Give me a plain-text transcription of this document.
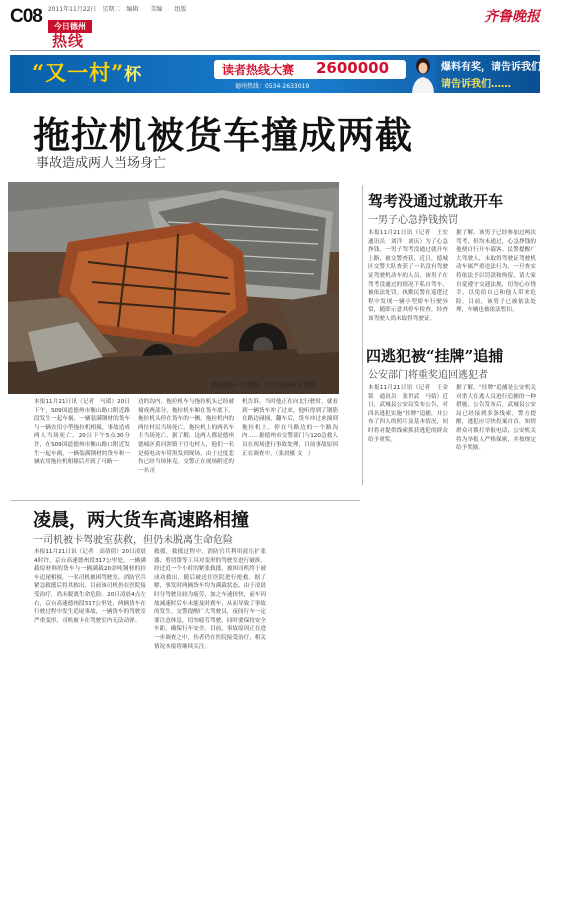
C08 2011年11月22日　星期二　编辑　　美编　　组版
今日德州
热线
齐鲁晚报
“又一村”杯	读者热线大赛 2600000
德州热线：0534-2633019　
爆料有奖，请告诉我们……
请告诉我们……
拖拉机被货车撞成两截
事故造成两人当场身亡
事故现场一片狼藉。（齐民供本报记者摄）
本报11月21日讯（记者　马瑗）20日下午，S09国道德州市衡山路口附近路段发生一起车祸，一辆装满钢材的货车与一辆农用小型拖拉机相撞，事故造成两人当场死亡。20日下午5点30分许，在S09国道德州市衡山路口附近发生一起车祸，一辆装满钢材的货车和一辆农用拖拉机相撞后开到了马路一
边的沟内，拖拉机车与拖拉机头已经被撞成两部分，拖拉机车厢在货车底下，拖拉机头停在货车的一侧，拖拉机内的两位村民当场死亡。拖拉机上的两名车主当场死亡，据了解，这两人都是德州德城区黄河涯镇于官屯村人，他们一名是骑电动车带黑发到现场，由于过度悲伤已经当场休克。交警正在现场附近的一名司
机告诉，当时他正在向北行驶时，就看到一辆货车冲了过来，他听得到了钢筋在路边碰撞，翻车后，货车冲过来撞到拖拉机上，停在马路边的一个路沟内……据德州市交警部门与120急救人员在现场进行事故处理，目前事故原因正在调查中。（张晨摄 文　）
驾考没通过就敢开车
一男子心急挣钱挨罚
本报11月21日讯（记者　王宏　通讯员　刘洋　刘庆）为了心急挣钱，一男子驾考没通过就开车上路，被交警查获。近日，德城区交警大队查获了一名没有驾驶证驾驶机动车的人员，该男子在驾考没通过的情况下私自驾车，被依法处罚。执勤民警在巡逻过程中发现一辆小型轿车行驶异常，随即示意其停车检查，经查该驾驶人尚未取得驾驶证。
据了解，该男子已经参加过两次驾考，但均未通过，心急挣钱的他便自行开车载客。民警提醒广大驾驶人，未取得驾驶证驾驶机动车属严重违法行为，一旦查实将依法予以罚款和拘留，请大家自觉遵守交通法规，切勿心存侥幸，以免给自己和他人带来危险。目前，该男子已被依法处理，车辆也被依法暂扣。
四逃犯被“挂牌”追捕
公安部门将重奖追回逃犯者
本报11月21日讯（记者　王金铭　通讯员　张世武　马婧）近日，武城县公安局发布公告，对四名逃犯实施“挂牌”追捕，并公布了四人的照片及基本情况，同时将对提供线索抓获逃犯的群众给予重奖。
据了解，“挂牌”追捕是公安机关对重大在逃人员进行追捕的一种措施，公告发布后，武城县公安局已经接到多条线索。警方提醒，逃犯应尽快投案自首，知情群众可拨打举报电话，公安机关将为举报人严格保密，并按规定给予奖励。
凌晨，两大货车高速路相撞
一司机被卡驾驶室获救，但仍未脱离生命危险
本报11月21日讯（记者　高倩倩）20日凌晨4时许，京台高速德州段317公里处，一辆满载原材料的货车与一辆满载20余吨钢材的挂车追尾相撞，一名司机被困驾驶室，消防官兵紧急救援后将其救出，目前该司机仍在医院接受治疗，尚未脱离生命危险。20日凌晨4点左右，京台高速德州段317公里处，两辆货车在行驶过程中发生追尾事故，一辆货车的驾驶室严重变形，司机被卡在驾驶室内无法动弹。
救援，救援过程中，消防官兵利用液压扩张器、剪切钳等工具对变形的驾驶室进行破拆，经过近一个小时的紧张救援，被困司机终于被成功救出，随后被送往医院进行抢救。据了解，事发时两辆货车均为满载状态，由于凌晨时分驾驶员较为疲劳，加之车速较快，前车因故减速时后车未能及时刹车，从而导致了事故的发生。交警提醒广大驾驶员，夜间行车一定要注意休息，切勿疲劳驾驶，同时要保持安全车距，确保行车安全。目前，事故原因正在进一步调查之中，伤者仍在医院接受治疗，相关情况本报将继续关注。
